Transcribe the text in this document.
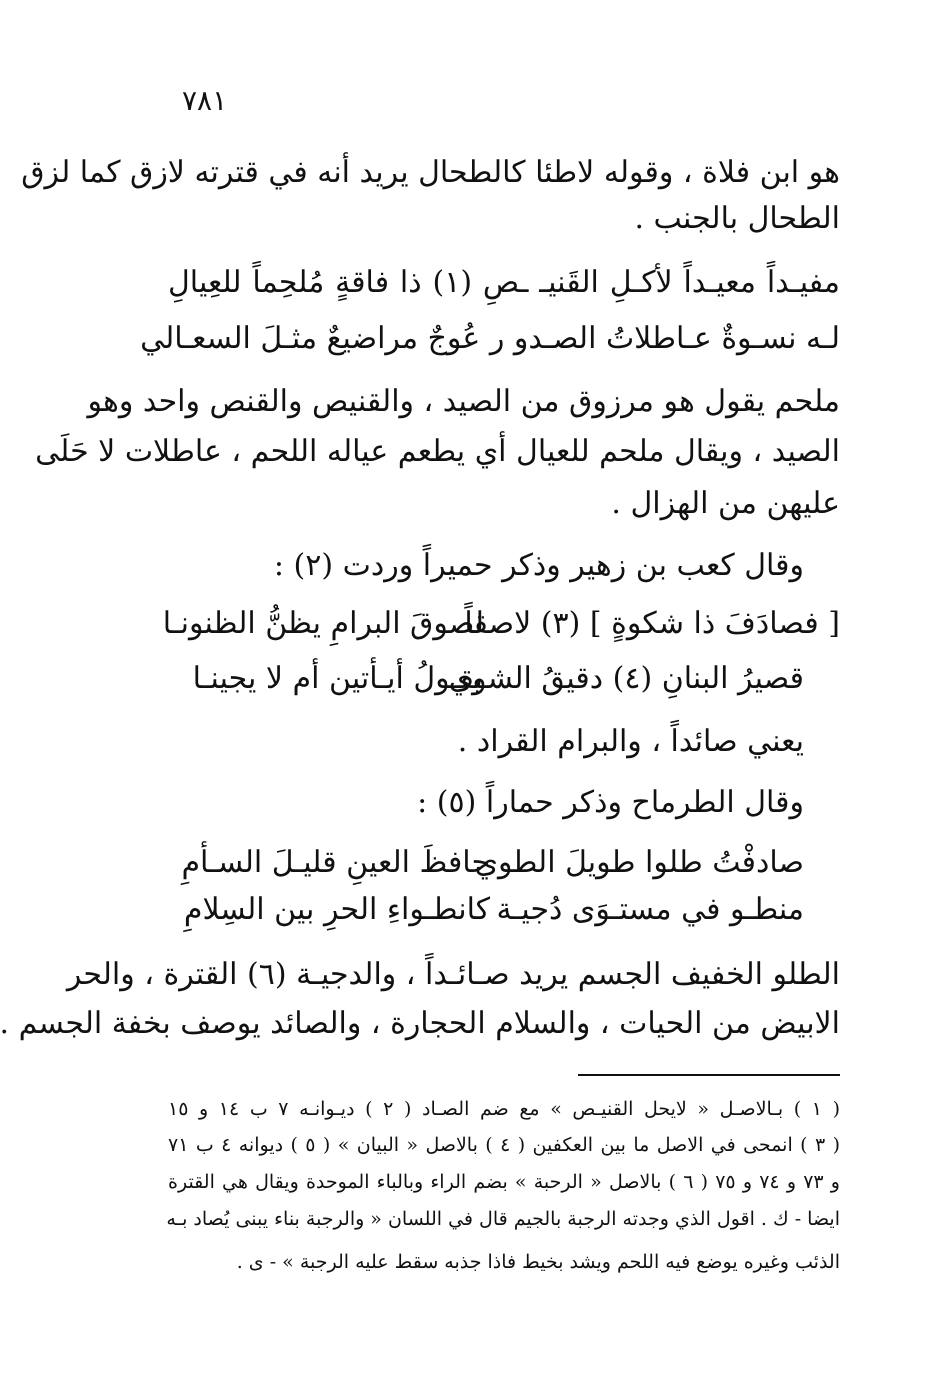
٧٨١
هو ابن فلاة ، وقوله لاطئا كالطحال يريد أنه في قترته لازق كما لزق
الطحال بالجنب .
مفيـداً معيـداً لأكـلِ القَنيـ ـصِ (١) ذا فاقةٍ مُلحِماً للعِيالِ
لـه نسـوةٌ عـاطلاتُ الصـدو ر عُوجٌ مراضيعٌ مثـلَ السعـالي
ملحم يقول هو مرزوق من الصيد ، والقنيص والقنص واحد وهو
الصيد ، ويقال ملحم للعيال أي يطعم عياله اللحم ، عاطلات لا حَلَى
عليهن من الهزال .
وقال كعب بن زهير وذكر حميراً وردت (٢) :
[ فصادَفَ ذا شكوةٍ ] (٣) لاصقاً
لصوقَ البرامِ يظنُّ الظنونـا
قصيرُ البنانِ (٤) دقيقُ الشوي
يقـولُ أيـأتين أم لا يجينـا
يعني صائداً ، والبرام القراد .
وقال الطرماح وذكر حماراً (٥) :
صادفْتُ طلوا طويلَ الطوي
حافظَ العينِ قليـلَ السـأمِ
منطـو في مستـوَى دُجيـة
كانطـواءِ الحرِ بين السِلامِ
الطلو الخفيف الجسم يريد صـائـداً ، والدجيـة (٦) القترة ، والحر
الابيض من الحيات ، والسلام الحجارة ، والصائد يوصف بخفة الجسم .
( ١ ) بـالاصـل « لايحل القنيـص » مع ضم الصـاد ( ٢ ) ديـوانـه ٧ ب ١٤ و ١٥
( ٣ ) انمحى في الاصل ما بين العكفين ( ٤ ) بالاصل « البيان » ( ٥ ) ديوانه ٤ ب ٧١
و ٧٣ و ٧٤ و ٧٥ ( ٦ ) بالاصل « الرحبة » بضم الراء وبالباء الموحدة ويقال هي القترة
ايضا - ك . اقول الذي وجدته الرجبة بالجيم قال في اللسان « والرجبة بناء يبنى يُصاد بـه
الذئب وغيره يوضع فيه اللحم ويشد بخيط فاذا جذبه سقط عليه الرجبة » - ى .
